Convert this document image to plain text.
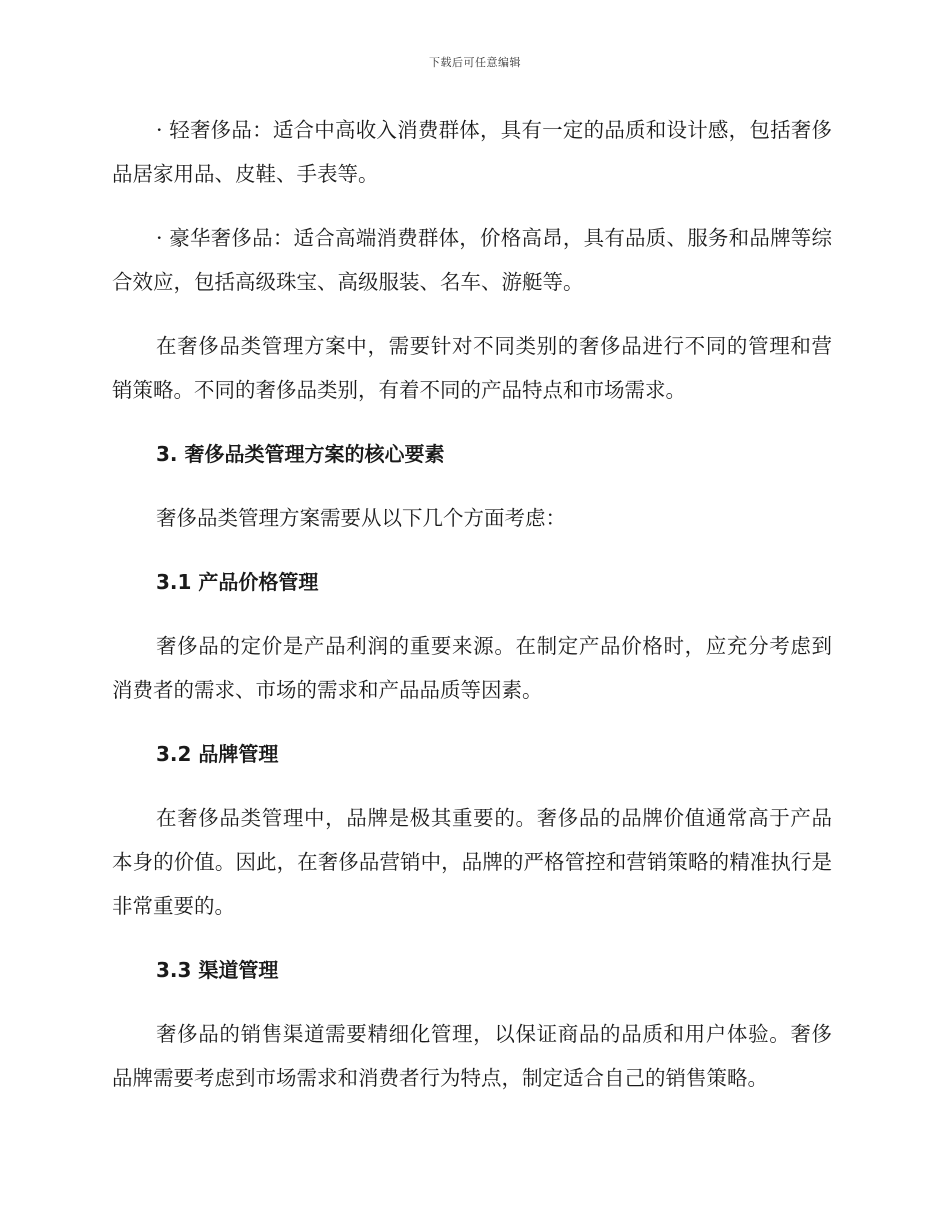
下载后可任意编辑

· 轻奢侈品：适合中高收入消费群体，具有一定的品质和设计感，包括奢侈品居家用品、皮鞋、手表等。

· 豪华奢侈品：适合高端消费群体，价格高昂，具有品质、服务和品牌等综合效应，包括高级珠宝、高级服装、名车、游艇等。

在奢侈品类管理方案中，需要针对不同类别的奢侈品进行不同的管理和营销策略。不同的奢侈品类别，有着不同的产品特点和市场需求。

3. 奢侈品类管理方案的核心要素

奢侈品类管理方案需要从以下几个方面考虑：

3.1 产品价格管理

奢侈品的定价是产品利润的重要来源。在制定产品价格时，应充分考虑到消费者的需求、市场的需求和产品品质等因素。

3.2 品牌管理

在奢侈品类管理中，品牌是极其重要的。奢侈品的品牌价值通常高于产品本身的价值。因此，在奢侈品营销中，品牌的严格管控和营销策略的精准执行是非常重要的。

3.3 渠道管理

奢侈品的销售渠道需要精细化管理，以保证商品的品质和用户体验。奢侈品牌需要考虑到市场需求和消费者行为特点，制定适合自己的销售策略。
